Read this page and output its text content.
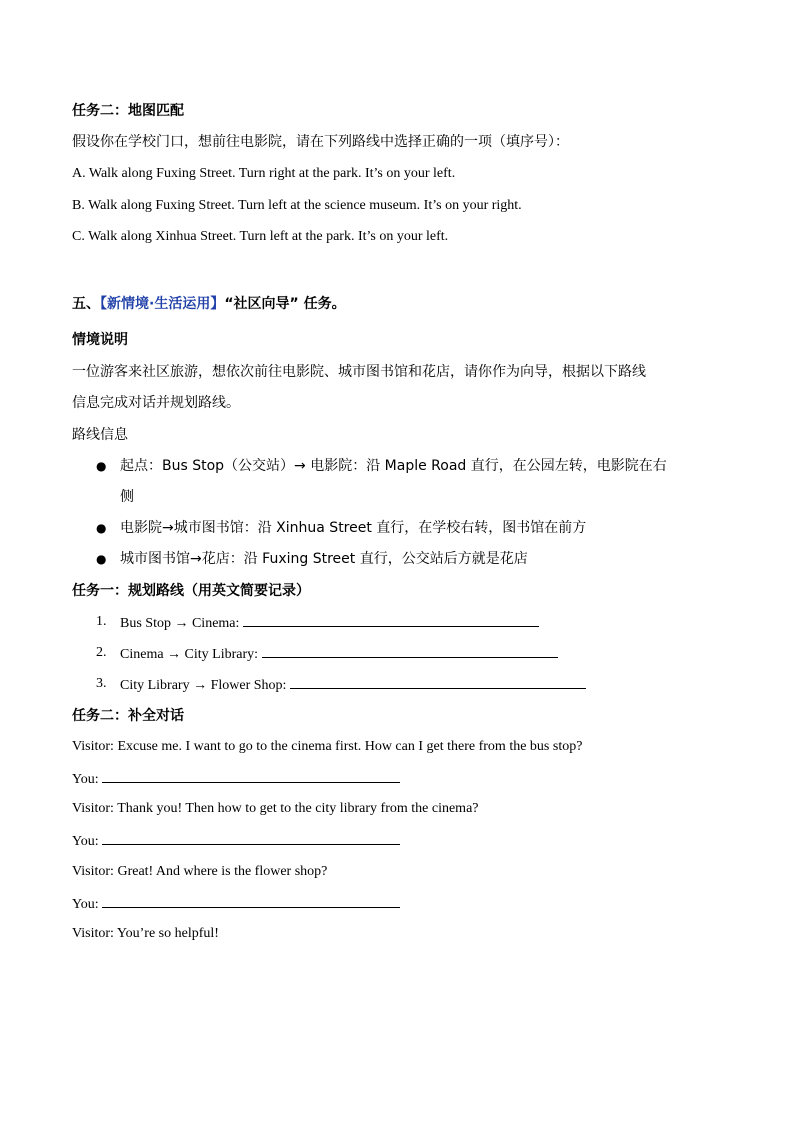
任务二：地图匹配
假设你在学校门口，想前往电影院，请在下列路线中选择正确的一项（填序号）：
A. Walk along Fuxing Street. Turn right at the park. It’s on your left.
B. Walk along Fuxing Street. Turn left at the science museum. It’s on your right.
C. Walk along Xinhua Street. Turn left at the park. It’s on your left.
五、【新情境·生活运用】“社区向导” 任务。
情境说明
一位游客来社区旅游，想依次前往电影院、城市图书馆和花店，请你作为向导，根据以下路线
信息完成对话并规划路线。
路线信息
● 起点：Bus Stop（公交站）→ 电影院：沿 Maple Road 直行，在公园左转，电影院在右
侧
● 电影院→城市图书馆：沿 Xinhua Street 直行，在学校右转，图书馆在前方
● 城市图书馆→花店：沿 Fuxing Street 直行，公交站后方就是花店
任务一：规划路线（用英文简要记录）
1. Bus Stop → Cinema:
2. Cinema → City Library:
3. City Library → Flower Shop:
任务二：补全对话
Visitor: Excuse me. I want to go to the cinema first. How can I get there from the bus stop?
You:
Visitor: Thank you! Then how to get to the city library from the cinema?
You:
Visitor: Great! And where is the flower shop?
You:
Visitor: You’re so helpful!
